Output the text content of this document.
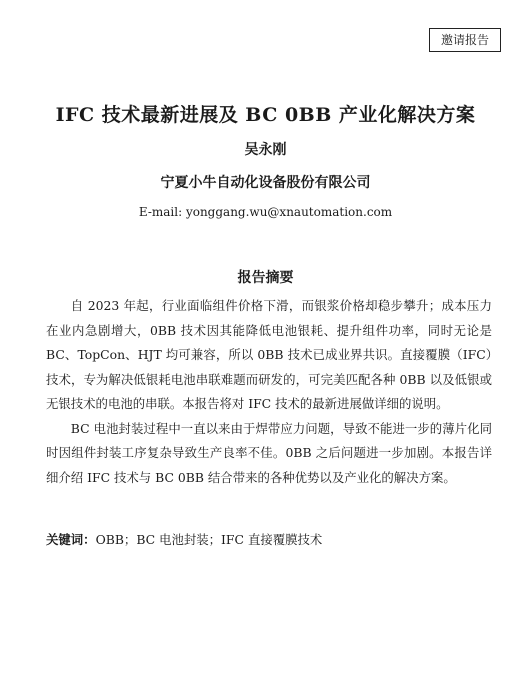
邀请报告
IFC 技术最新进展及 BC 0BB 产业化解决方案
吴永刚
宁夏小牛自动化设备股份有限公司
E-mail: yonggang.wu@xnautomation.com
报告摘要

自 2023 年起，行业面临组件价格下滑，而银浆价格却稳步攀升；成本压力在业内急剧增大，0BB 技术因其能降低电池银耗、提升组件功率，同时无论是 BC、TopCon、HJT 均可兼容，所以 0BB 技术已成业界共识。直接覆膜（IFC）技术，专为解决低银耗电池串联难题而研发的，可完美匹配各种 0BB 以及低银或无银技术的电池的串联。本报告将对 IFC 技术的最新进展做详细的说明。

BC 电池封装过程中一直以来由于焊带应力问题，导致不能进一步的薄片化同时因组件封装工序复杂导致生产良率不佳。0BB 之后问题进一步加剧。本报告详细介绍 IFC 技术与 BC 0BB 结合带来的各种优势以及产业化的解决方案。

关键词：OBB；BC 电池封装；IFC 直接覆膜技术
